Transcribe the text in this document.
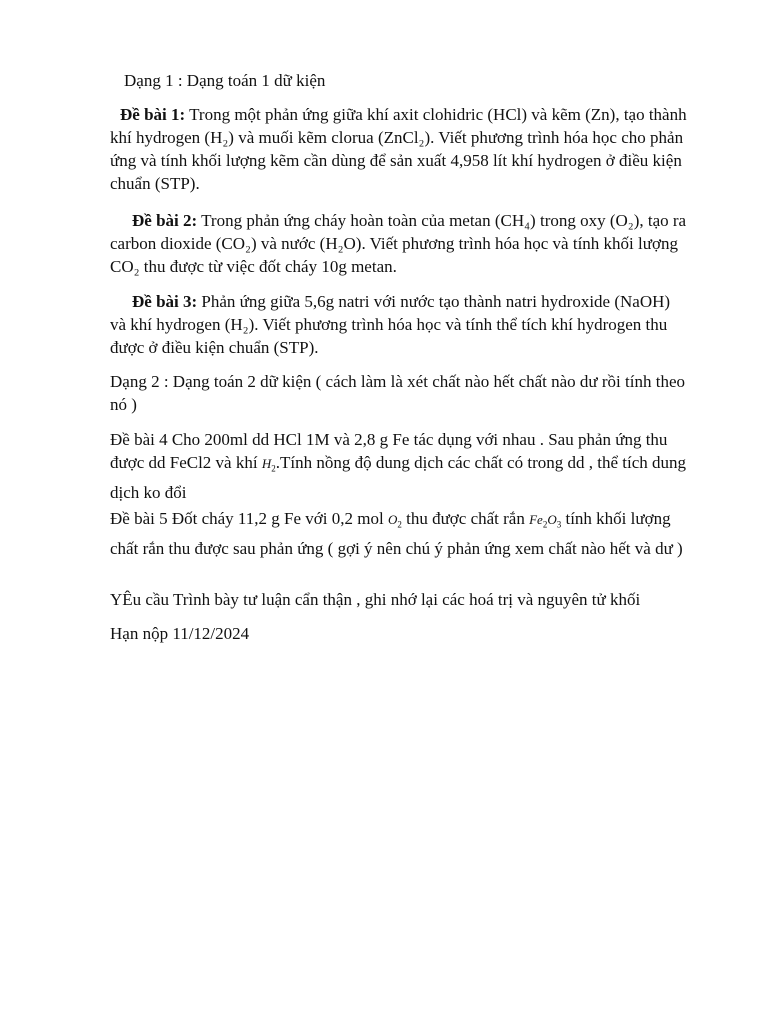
Dạng 1 : Dạng toán 1 dữ kiện

Đề bài 1: Trong một phản ứng giữa khí axit clohidric (HCl) và kẽm (Zn), tạo thành khí hydrogen (H₂) và muối kẽm clorua (ZnCl₂). Viết phương trình hóa học cho phản ứng và tính khối lượng kẽm cần dùng để sản xuất 4,958 lít khí hydrogen ở điều kiện chuẩn (STP).

Đề bài 2: Trong phản ứng cháy hoàn toàn của metan (CH₄) trong oxy (O₂), tạo ra carbon dioxide (CO₂) và nước (H₂O). Viết phương trình hóa học và tính khối lượng CO₂ thu được từ việc đốt cháy 10g metan.

Đề bài 3: Phản ứng giữa 5,6g natri với nước tạo thành natri hydroxide (NaOH) và khí hydrogen (H₂). Viết phương trình hóa học và tính thể tích khí hydrogen thu được ở điều kiện chuẩn (STP).

Dạng 2 : Dạng toán 2 dữ kiện ( cách làm là xét chất nào hết chất nào dư rồi tính theo nó )

Đề bài 4 Cho 200ml dd HCl 1M và 2,8 g Fe tác dụng với nhau . Sau phản ứng thu được dd FeCl2 và khí $H_2.Tính$ nồng độ dung dịch các chất có trong dd , thể tích dung dịch ko đổi

Đề bài 5 Đốt cháy 11,2 g Fe với 0,2 mol $O_2$ thu được chất rắn $Fe_2O_3$ tính khối lượng chất rắn thu được sau phản ứng ( gợi ý nên chú ý phản ứng xem chất nào hết và dư )

YÊu cầu Trình bày tư luận cẩn thận , ghi nhớ lại các hoá trị và nguyên tử khối

Hạn nộp 11/12/2024
